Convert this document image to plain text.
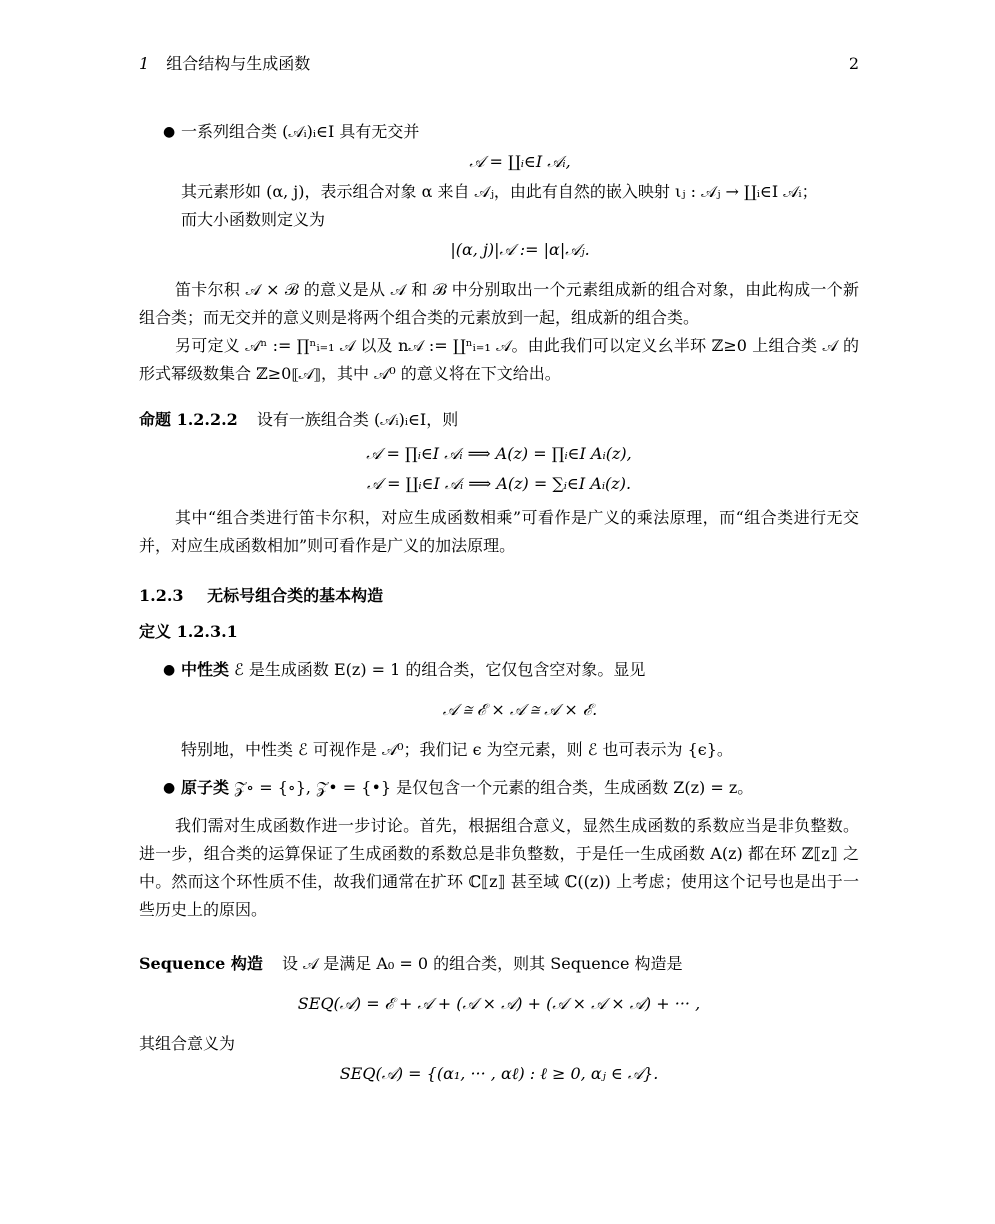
1 组合结构与生成函数	2
● 一系列组合类 (𝒜ᵢ)ᵢ∈I 具有无交并
𝒜 = ∐ᵢ∈I 𝒜ᵢ,
其元素形如 (α, j)，表示组合对象 α 来自 𝒜ⱼ，由此有自然的嵌入映射 ιⱼ : 𝒜ⱼ → ∐ᵢ∈I 𝒜ᵢ；
而大小函数则定义为
|(α, j)|𝒜 := |α|𝒜ⱼ.

笛卡尔积 𝒜 × ℬ 的意义是从 𝒜 和 ℬ 中分别取出一个元素组成新的组合对象，由此构成一个新组合类；而无交并的意义则是将两个组合类的元素放到一起，组成新的组合类。

另可定义 𝒜ⁿ := ∏ⁿᵢ₌₁ 𝒜 以及 n𝒜 := ∐ⁿᵢ₌₁ 𝒜。由此我们可以定义幺半环 ℤ≥0 上组合类 𝒜 的形式幂级数集合 ℤ≥0⟦𝒜⟧，其中 𝒜⁰ 的意义将在下文给出。

命题 1.2.2.2 设有一族组合类 (𝒜ᵢ)ᵢ∈I，则
𝒜 = ∏ᵢ∈I 𝒜ᵢ ⟹ A(z) = ∏ᵢ∈I Aᵢ(z),
𝒜 = ∐ᵢ∈I 𝒜ᵢ ⟹ A(z) = ∑ᵢ∈I Aᵢ(z).

其中“组合类进行笛卡尔积，对应生成函数相乘”可看作是广义的乘法原理，而“组合类进行无交并，对应生成函数相加”则可看作是广义的加法原理。

1.2.3 无标号组合类的基本构造
定义 1.2.3.1
● 中性类 ℰ 是生成函数 E(z) = 1 的组合类，它仅包含空对象。显见
𝒜 ≅ ℰ × 𝒜 ≅ 𝒜 × ℰ.
特别地，中性类 ℰ 可视作是 𝒜⁰；我们记 ϵ 为空元素，则 ℰ 也可表示为 {ϵ}。
● 原子类 𝒵∘ = {∘}, 𝒵• = {•} 是仅包含一个元素的组合类，生成函数 Z(z) = z。

我们需对生成函数作进一步讨论。首先，根据组合意义，显然生成函数的系数应当是非负整数。进一步，组合类的运算保证了生成函数的系数总是非负整数，于是任一生成函数 A(z) 都在环 ℤ⟦z⟧ 之中。然而这个环性质不佳，故我们通常在扩环 ℂ⟦z⟧ 甚至域 ℂ((z)) 上考虑；使用这个记号也是出于一些历史上的原因。

Sequence 构造 设 𝒜 是满足 A₀ = 0 的组合类，则其 Sequence 构造是
SEQ(𝒜) = ℰ + 𝒜 + (𝒜 × 𝒜) + (𝒜 × 𝒜 × 𝒜) + ··· ,
其组合意义为
SEQ(𝒜) = {(α₁, ··· , αℓ) : ℓ ≥ 0, αⱼ ∈ 𝒜}.
